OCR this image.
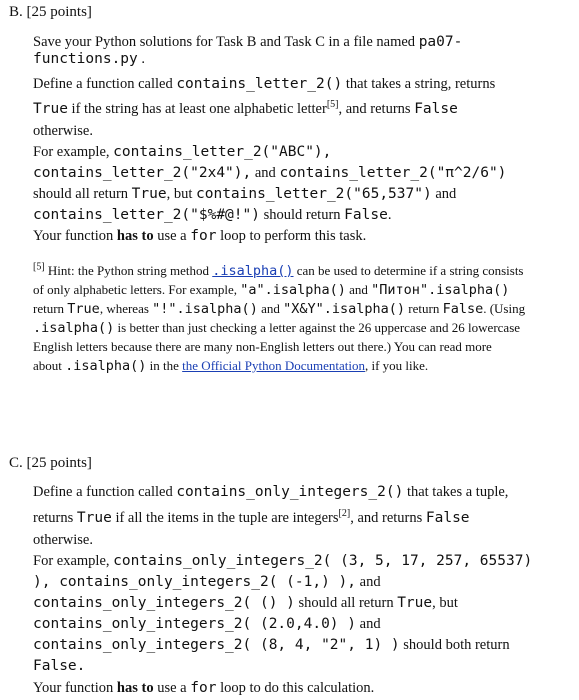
B. [25 points]
Save your Python solutions for Task B and Task C in a file named pa07-
functions.py .
Define a function called contains_letter_2() that takes a string, returns
True if the string has at least one alphabetic letter[5], and returns False
otherwise.
For example, contains_letter_2("ABC"),
contains_letter_2("2x4"), and contains_letter_2("π^2/6")
should all return True, but contains_letter_2("65,537") and
contains_letter_2("$%#@!") should return False.
Your function has to use a for loop to perform this task.
[5] Hint: the Python string method .isalpha() can be used to determine if a string consists
of only alphabetic letters. For example, "a".isalpha() and "Питон".isalpha()
return True, whereas "!".isalpha() and "X&Y".isalpha() return False. (Using
.isalpha() is better than just checking a letter against the 26 uppercase and 26 lowercase
English letters because there are many non-English letters out there.) You can read more
about .isalpha() in the the Official Python Documentation, if you like.
C. [25 points]
Define a function called contains_only_integers_2() that takes a tuple,
returns True if all the items in the tuple are integers[2], and returns False
otherwise.
For example, contains_only_integers_2( (3, 5, 17, 257, 65537)
), contains_only_integers_2( (-1,) ), and
contains_only_integers_2( () ) should all return True, but
contains_only_integers_2( (2.0,4.0) ) and
contains_only_integers_2( (8, 4, "2", 1) ) should both return
False.
Your function has to use a for loop to do this calculation.
